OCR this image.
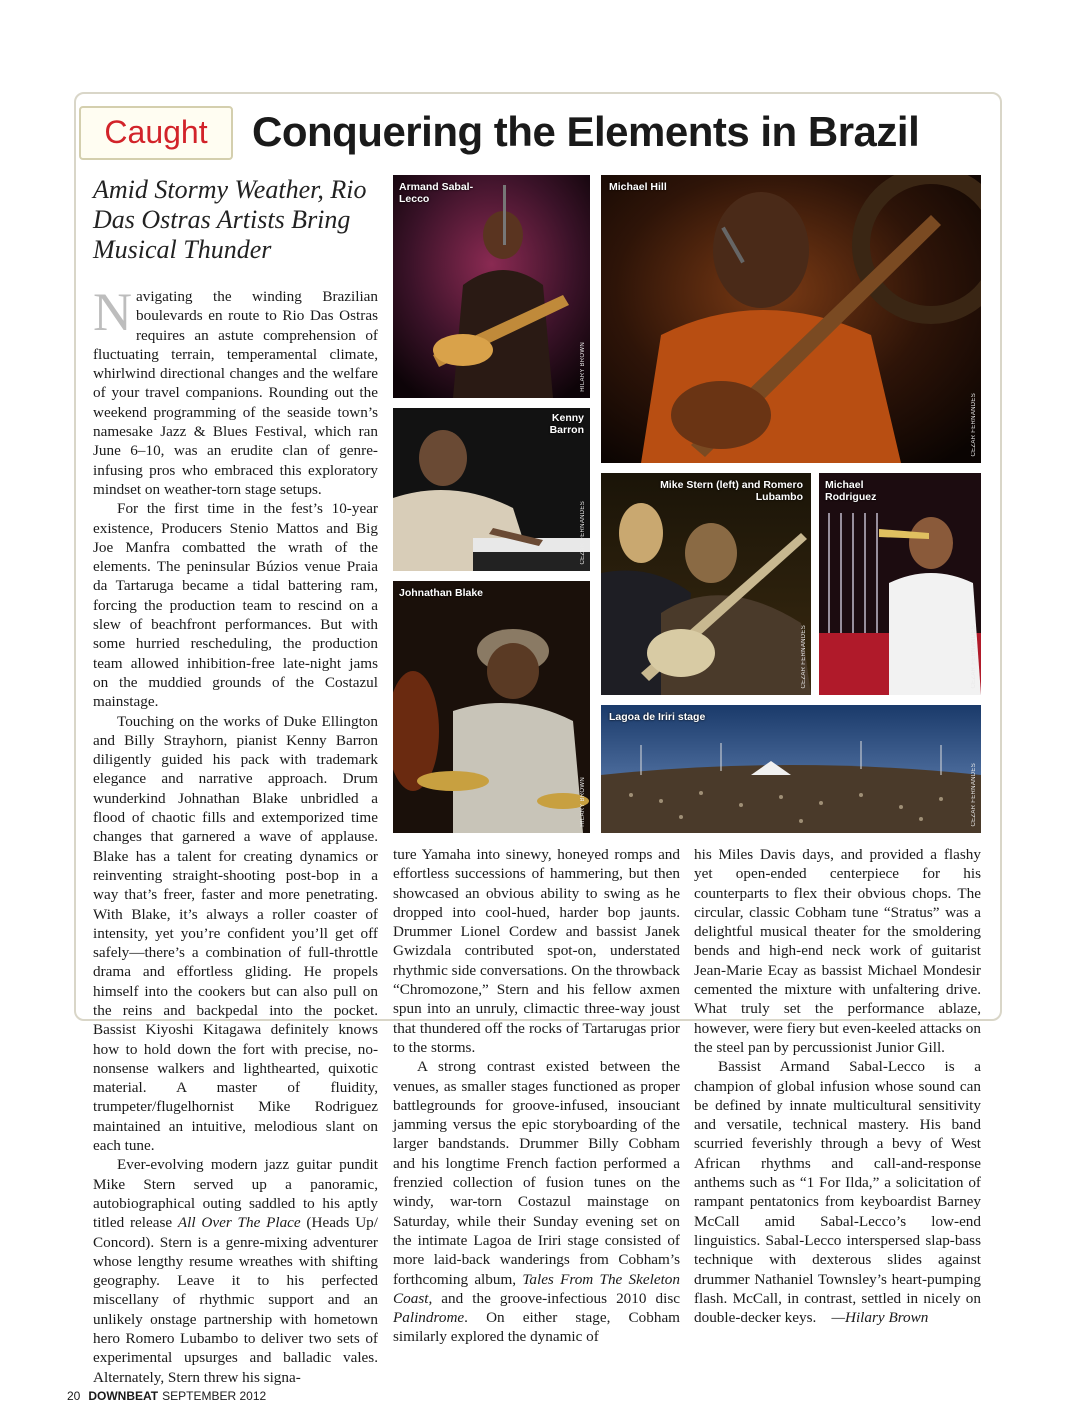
Caught	Conquering the Elements in Brazil
Amid Stormy Weather, Rio Das Ostras Artists Bring Musical Thunder
Armand Sabal-Lecco
HILARY BROWN
Michael Hill
CEZAR FERNANDES
Kenny Barron
CEZAR FERNANDES
Mike Stern (left) and Romero Lubambo
CEZAR FERNANDES
Michael Rodriguez
CEZAR FERNANDES
Johnathan Blake
HILARY BROWN
Lagoa de Iriri stage
CEZAR FERNANDES

Navigating the winding Brazilian boulevards en route to Rio Das Ostras requires an astute comprehension of fluctuating terrain, temperamental climate, whirlwind directional changes and the welfare of your travel companions. Rounding out the weekend programming of the seaside town’s namesake Jazz & Blues Festival, which ran June 6–10, was an erudite clan of genre-infusing pros who embraced this exploratory mindset on weather-torn stage setups.

For the first time in the fest’s 10-year existence, Producers Stenio Mattos and Big Joe Manfra combatted the wrath of the elements. The peninsular Búzios venue Praia da Tartaruga became a tidal battering ram, forcing the production team to rescind on a slew of beachfront performances. But with some hurried rescheduling, the production team allowed inhibition-free late-night jams on the muddied grounds of the Costazul mainstage.

Touching on the works of Duke Ellington and Billy Strayhorn, pianist Kenny Barron diligently guided his pack with trademark elegance and narrative approach. Drum wunderkind Johnathan Blake unbridled a flood of chaotic fills and extemporized time changes that garnered a wave of applause. Blake has a talent for creating dynamics or reinventing straight-shooting post-bop in a way that’s freer, faster and more penetrating. With Blake, it’s always a roller coaster of intensity, yet you’re confident you’ll get off safely—there’s a combination of full-throttle drama and effortless gliding. He propels himself into the cookers but can also pull on the reins and backpedal into the pocket. Bassist Kiyoshi Kitagawa definitely knows how to hold down the fort with precise, no-nonsense walkers and lighthearted, quixotic material. A master of fluidity, trumpeter/flugelhornist Mike Rodriguez maintained an intuitive, melodious slant on each tune.

Ever-evolving modern jazz guitar pundit Mike Stern served up a panoramic, autobiographical outing saddled to his aptly titled release All Over The Place (Heads Up/ Concord). Stern is a genre-mixing adventurer whose lengthy resume wreathes with shifting geography. Leave it to his perfected miscellany of rhythmic support and an unlikely onstage partnership with hometown hero Romero Lubambo to deliver two sets of experimental upsurges and balladic vales. Alternately, Stern threw his signa-

ture Yamaha into sinewy, honeyed romps and effortless successions of hammering, but then showcased an obvious ability to swing as he dropped into cool-hued, harder bop jaunts. Drummer Lionel Cordew and bassist Janek Gwizdala contributed spot-on, understated rhythmic side conversations. On the throwback “Chromozone,” Stern and his fellow axmen spun into an unruly, climactic three-way joust that thundered off the rocks of Tartarugas prior to the storms.

A strong contrast existed between the venues, as smaller stages functioned as proper battlegrounds for groove-infused, insouciant jamming versus the epic storyboarding of the larger bandstands. Drummer Billy Cobham and his longtime French faction performed a frenzied collection of fusion tunes on the windy, war-torn Costazul mainstage on Saturday, while their Sunday evening set on the intimate Lagoa de Iriri stage consisted of more laid-back wanderings from Cobham’s forthcoming album, Tales From The Skeleton Coast, and the groove-infectious 2010 disc Palindrome. On either stage, Cobham similarly explored the dynamic of

his Miles Davis days, and provided a flashy yet open-ended centerpiece for his counterparts to flex their obvious chops. The circular, classic Cobham tune “Stratus” was a delightful musical theater for the smoldering bends and high-end neck work of guitarist Jean-Marie Ecay as bassist Michael Mondesir cemented the mixture with unfaltering drive. What truly set the performance ablaze, however, were fiery but even-keeled attacks on the steel pan by percussionist Junior Gill.

Bassist Armand Sabal-Lecco is a champion of global infusion whose sound can be defined by innate multicultural sensitivity and versatile, technical mastery. His band scurried feverishly through a bevy of West African rhythms and call-and-response anthems such as “1 For Ilda,” a solicitation of rampant pentatonics from keyboardist Barney McCall amid Sabal-Lecco’s low-end linguistics. Sabal-Lecco interspersed slap-bass technique with dexterous slides against drummer Nathaniel Townsley’s heart-pumping flash. McCall, in contrast, settled in nicely on double-decker keys. —Hilary Brown

20 DOWNBEAT SEPTEMBER 2012
